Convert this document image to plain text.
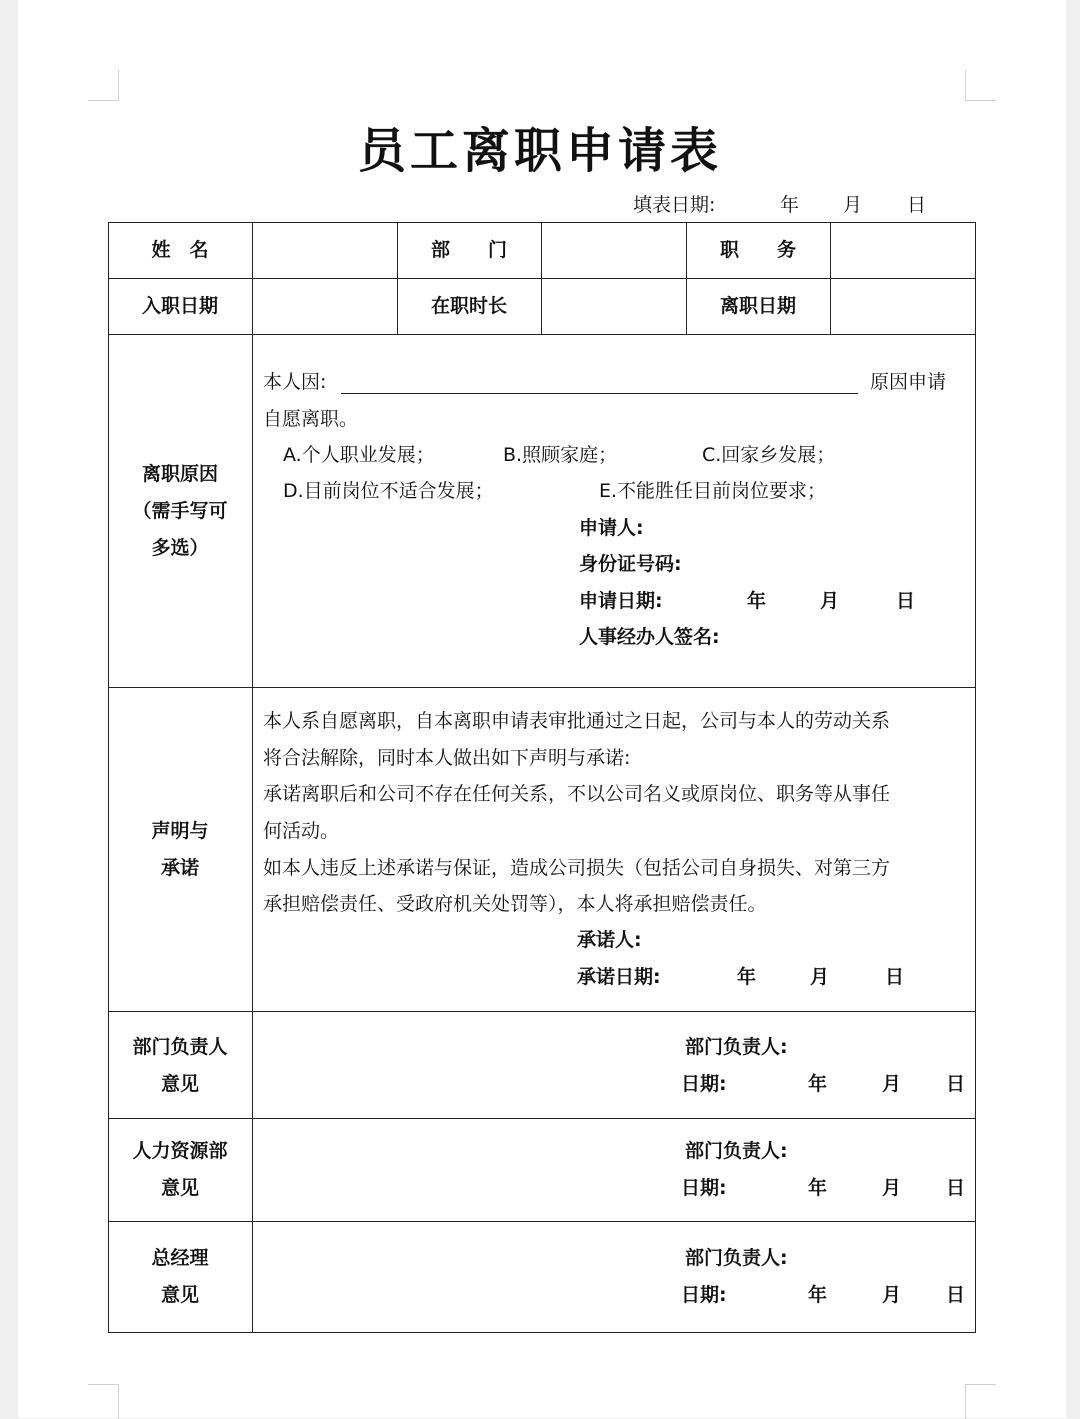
员工离职申请表
填表日期:	年 月 日
姓　名	部　　门	职　　务
入职日期	在职时长	离职日期
离职原因
（需手写可
多选）
本人因:	原因申请
自愿离职。
A.个人职业发展；	B.照顾家庭；	C.回家乡发展；
D.目前岗位不适合发展；	E.不能胜任目前岗位要求；
申请人:
身份证号码:
申请日期:	年	月	日
人事经办人签名:
声明与
承诺
本人系自愿离职，自本离职申请表审批通过之日起，公司与本人的劳动关系
将合法解除，同时本人做出如下声明与承诺:
承诺离职后和公司不存在任何关系，不以公司名义或原岗位、职务等从事任
何活动。
如本人违反上述承诺与保证，造成公司损失（包括公司自身损失、对第三方
承担赔偿责任、受政府机关处罚等），本人将承担赔偿责任。
承诺人:
承诺日期:	年	月	日
部门负责人
意见
部门负责人:
日期:	年	月 日
人力资源部
意见
部门负责人:
日期:	年	月 日
总经理
意见
部门负责人:
日期:	年	月 日
